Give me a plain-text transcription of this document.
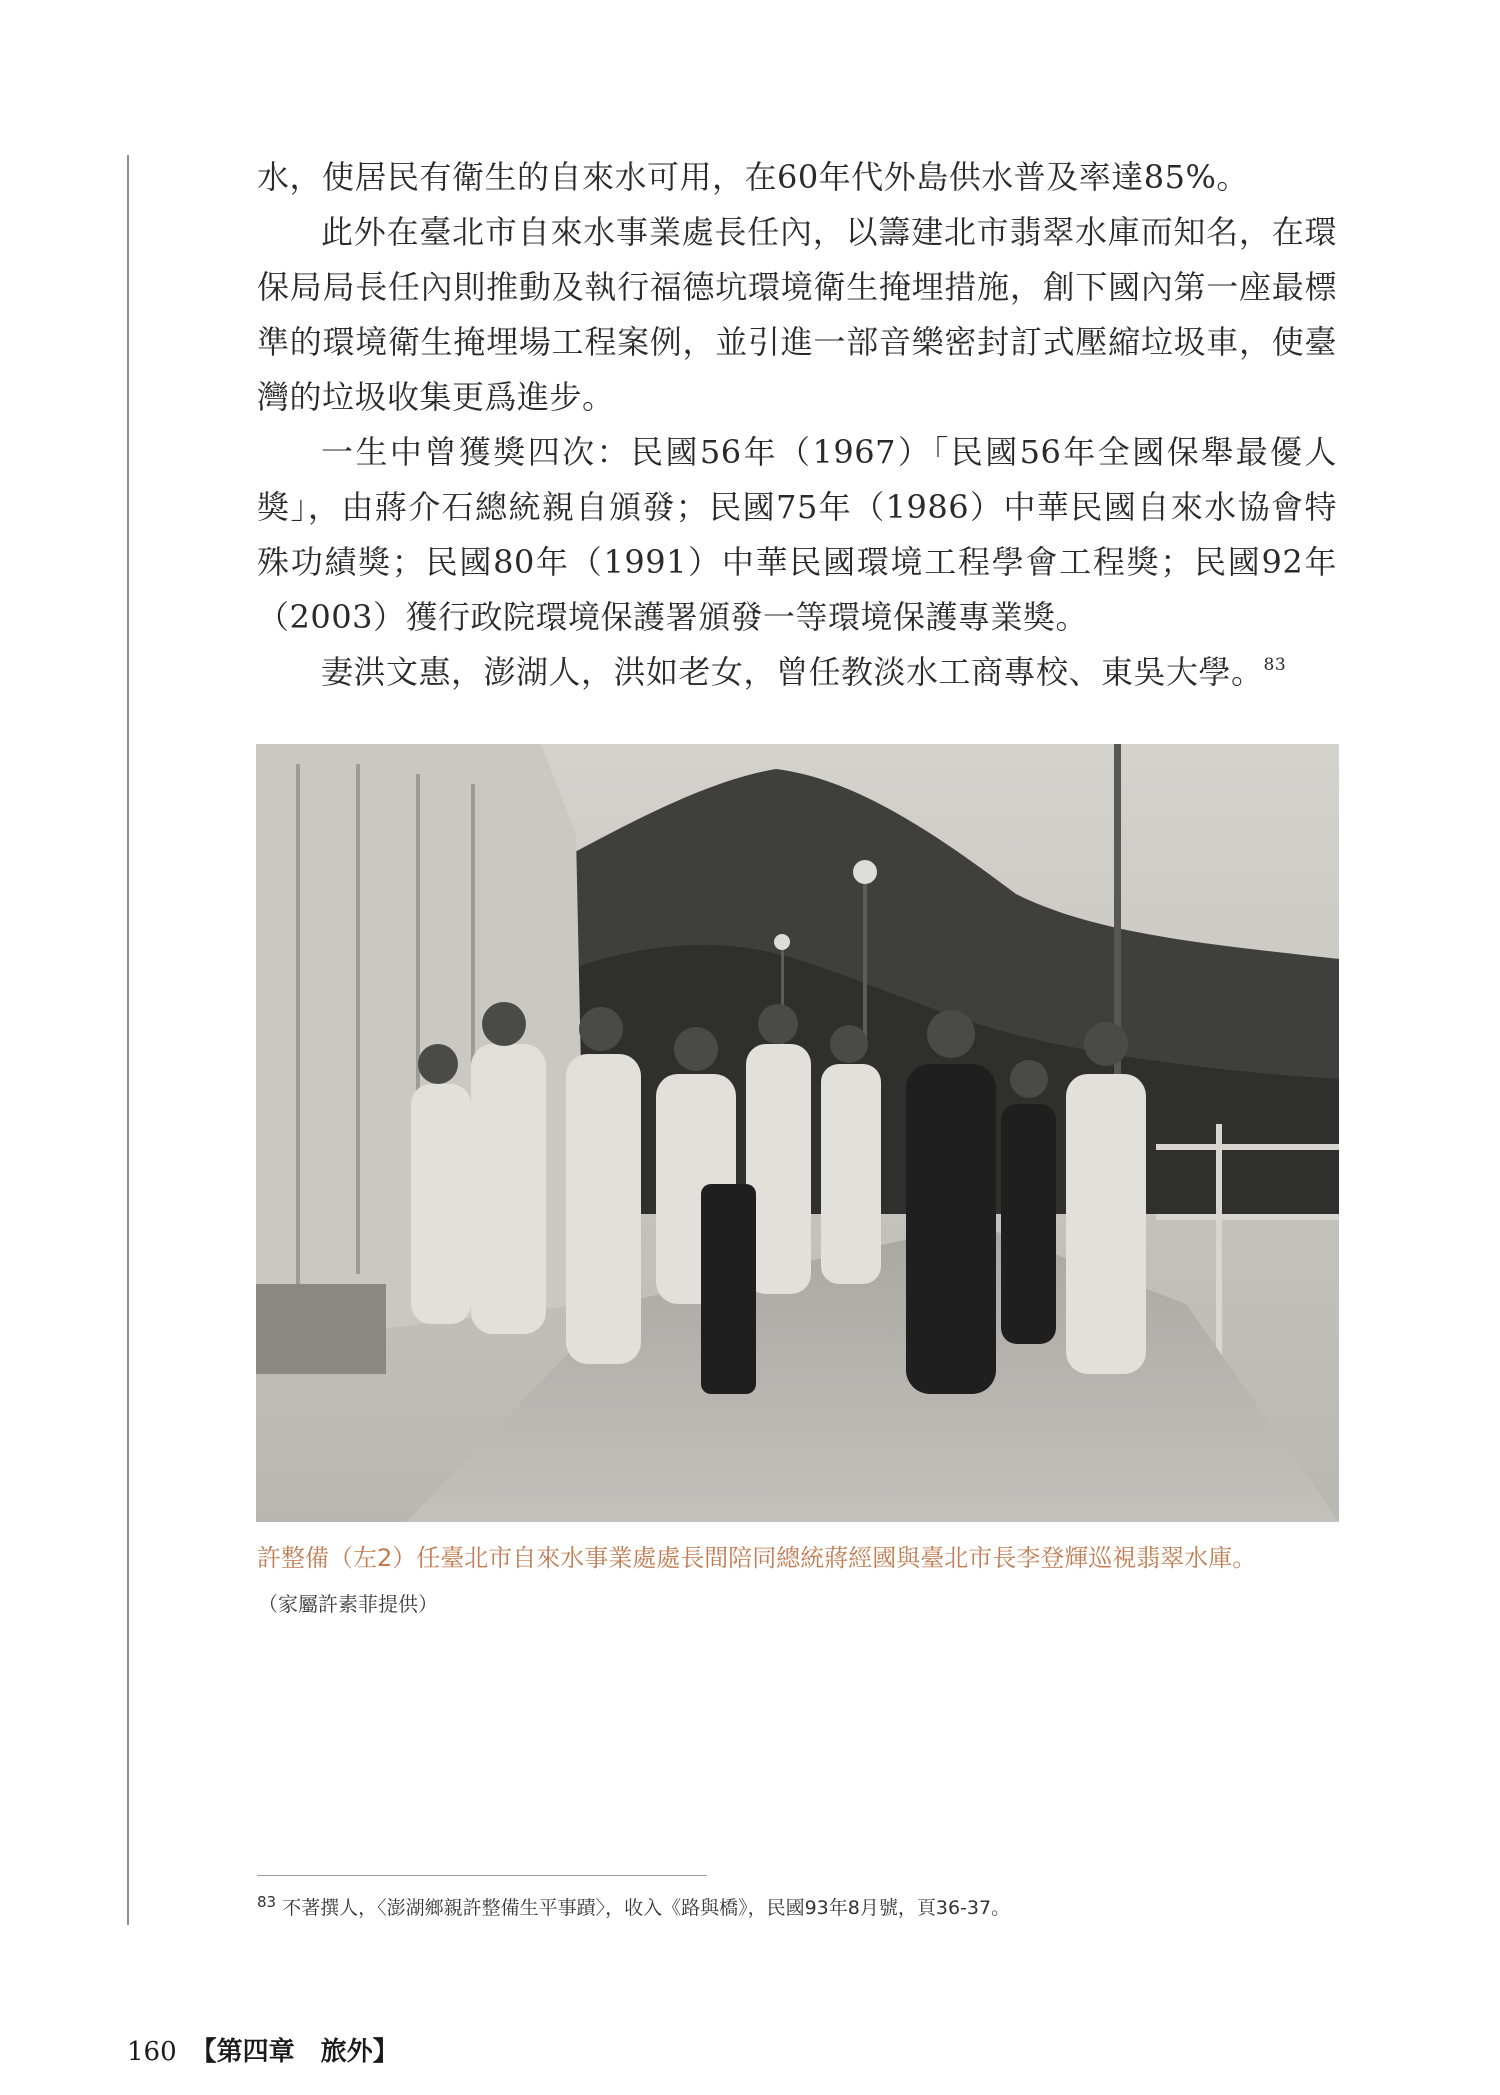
水，使居民有衛生的自來水可用，在60年代外島供水普及率達85%。

此外在臺北市自來水事業處長任內，以籌建北市翡翠水庫而知名，在環保局局長任內則推動及執行福德坑環境衛生掩埋措施，創下國內第一座最標準的環境衛生掩埋場工程案例，並引進一部音樂密封訂式壓縮垃圾車，使臺灣的垃圾收集更爲進步。

一生中曾獲獎四次：民國56年（1967）「民國56年全國保舉最優人獎」，由蔣介石總統親自頒發；民國75年（1986）中華民國自來水協會特殊功績獎；民國80年（1991）中華民國環境工程學會工程獎；民國92年（2003）獲行政院環境保護署頒發一等環境保護專業獎。

妻洪文惠，澎湖人，洪如老女，曾任教淡水工商專校、東吳大學。$^{83}$

許整備（左2）任臺北市自來水事業處處長間陪同總統蔣經國與臺北市長李登輝巡視翡翠水庫。
（家屬許素菲提供）
$^{83}$ 不著撰人，〈澎湖鄉親許整備生平事蹟〉，收入《路與橋》，民國93年8月號，頁36-37。
160 【第四章　旅外】
